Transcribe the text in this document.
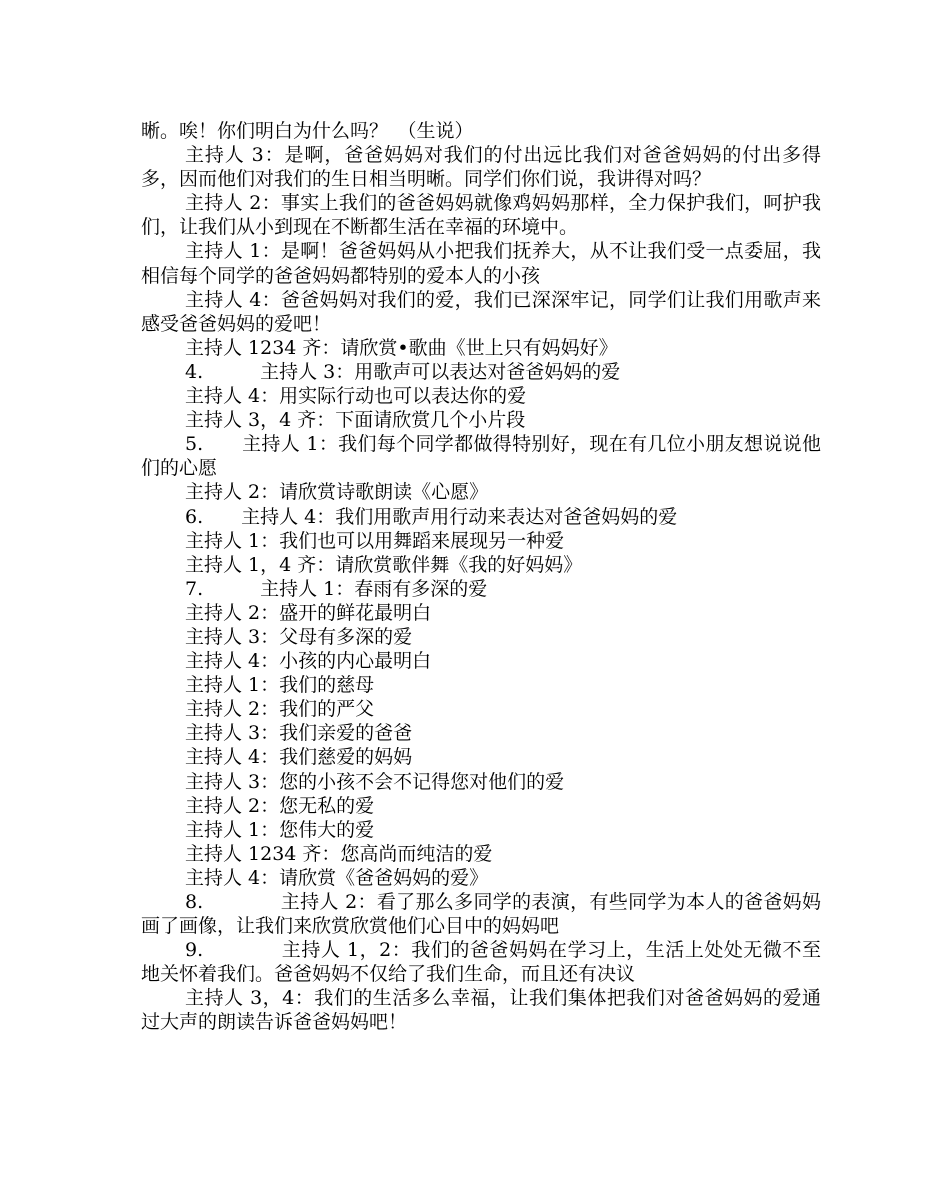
晰。唉！你们明白为什么吗？　（生说）

主持人 3：是啊，爸爸妈妈对我们的付出远比我们对爸爸妈妈的付出多得多，因而他们对我们的生日相当明晰。同学们你们说，我讲得对吗？

主持人 2：事实上我们的爸爸妈妈就像鸡妈妈那样，全力保护我们，呵护我们，让我们从小到现在不断都生活在幸福的环境中。

主持人 1：是啊！爸爸妈妈从小把我们抚养大，从不让我们受一点委屈，我相信每个同学的爸爸妈妈都特别的爱本人的小孩

主持人 4：爸爸妈妈对我们的爱，我们已深深牢记，同学们让我们用歌声来感受爸爸妈妈的爱吧！

主持人 1234 齐：请欣赏•歌曲《世上只有妈妈好》

4.　　　主持人 3：用歌声可以表达对爸爸妈妈的爱

主持人 4：用实际行动也可以表达你的爱

主持人 3，4 齐：下面请欣赏几个小片段

5.　　主持人 1：我们每个同学都做得特别好，现在有几位小朋友想说说他们的心愿

主持人 2：请欣赏诗歌朗读《心愿》

6.　　主持人 4：我们用歌声用行动来表达对爸爸妈妈的爱

主持人 1：我们也可以用舞蹈来展现另一种爱

主持人 1，4 齐：请欣赏歌伴舞《我的好妈妈》

7.　　　主持人 1：春雨有多深的爱

主持人 2：盛开的鲜花最明白

主持人 3：父母有多深的爱

主持人 4：小孩的内心最明白

主持人 1：我们的慈母

主持人 2：我们的严父

主持人 3：我们亲爱的爸爸

主持人 4：我们慈爱的妈妈

主持人 3：您的小孩不会不记得您对他们的爱

主持人 2：您无私的爱

主持人 1：您伟大的爱

主持人 1234 齐：您高尚而纯洁的爱

主持人 4：请欣赏《爸爸妈妈的爱》

8.　　　　主持人 2：看了那么多同学的表演，有些同学为本人的爸爸妈妈画了画像，让我们来欣赏欣赏他们心目中的妈妈吧

9.　　　　主持人 1，2：我们的爸爸妈妈在学习上，生活上处处无微不至地关怀着我们。爸爸妈妈不仅给了我们生命，而且还有决议

主持人 3，4：我们的生活多么幸福，让我们集体把我们对爸爸妈妈的爱通过大声的朗读告诉爸爸妈妈吧！
